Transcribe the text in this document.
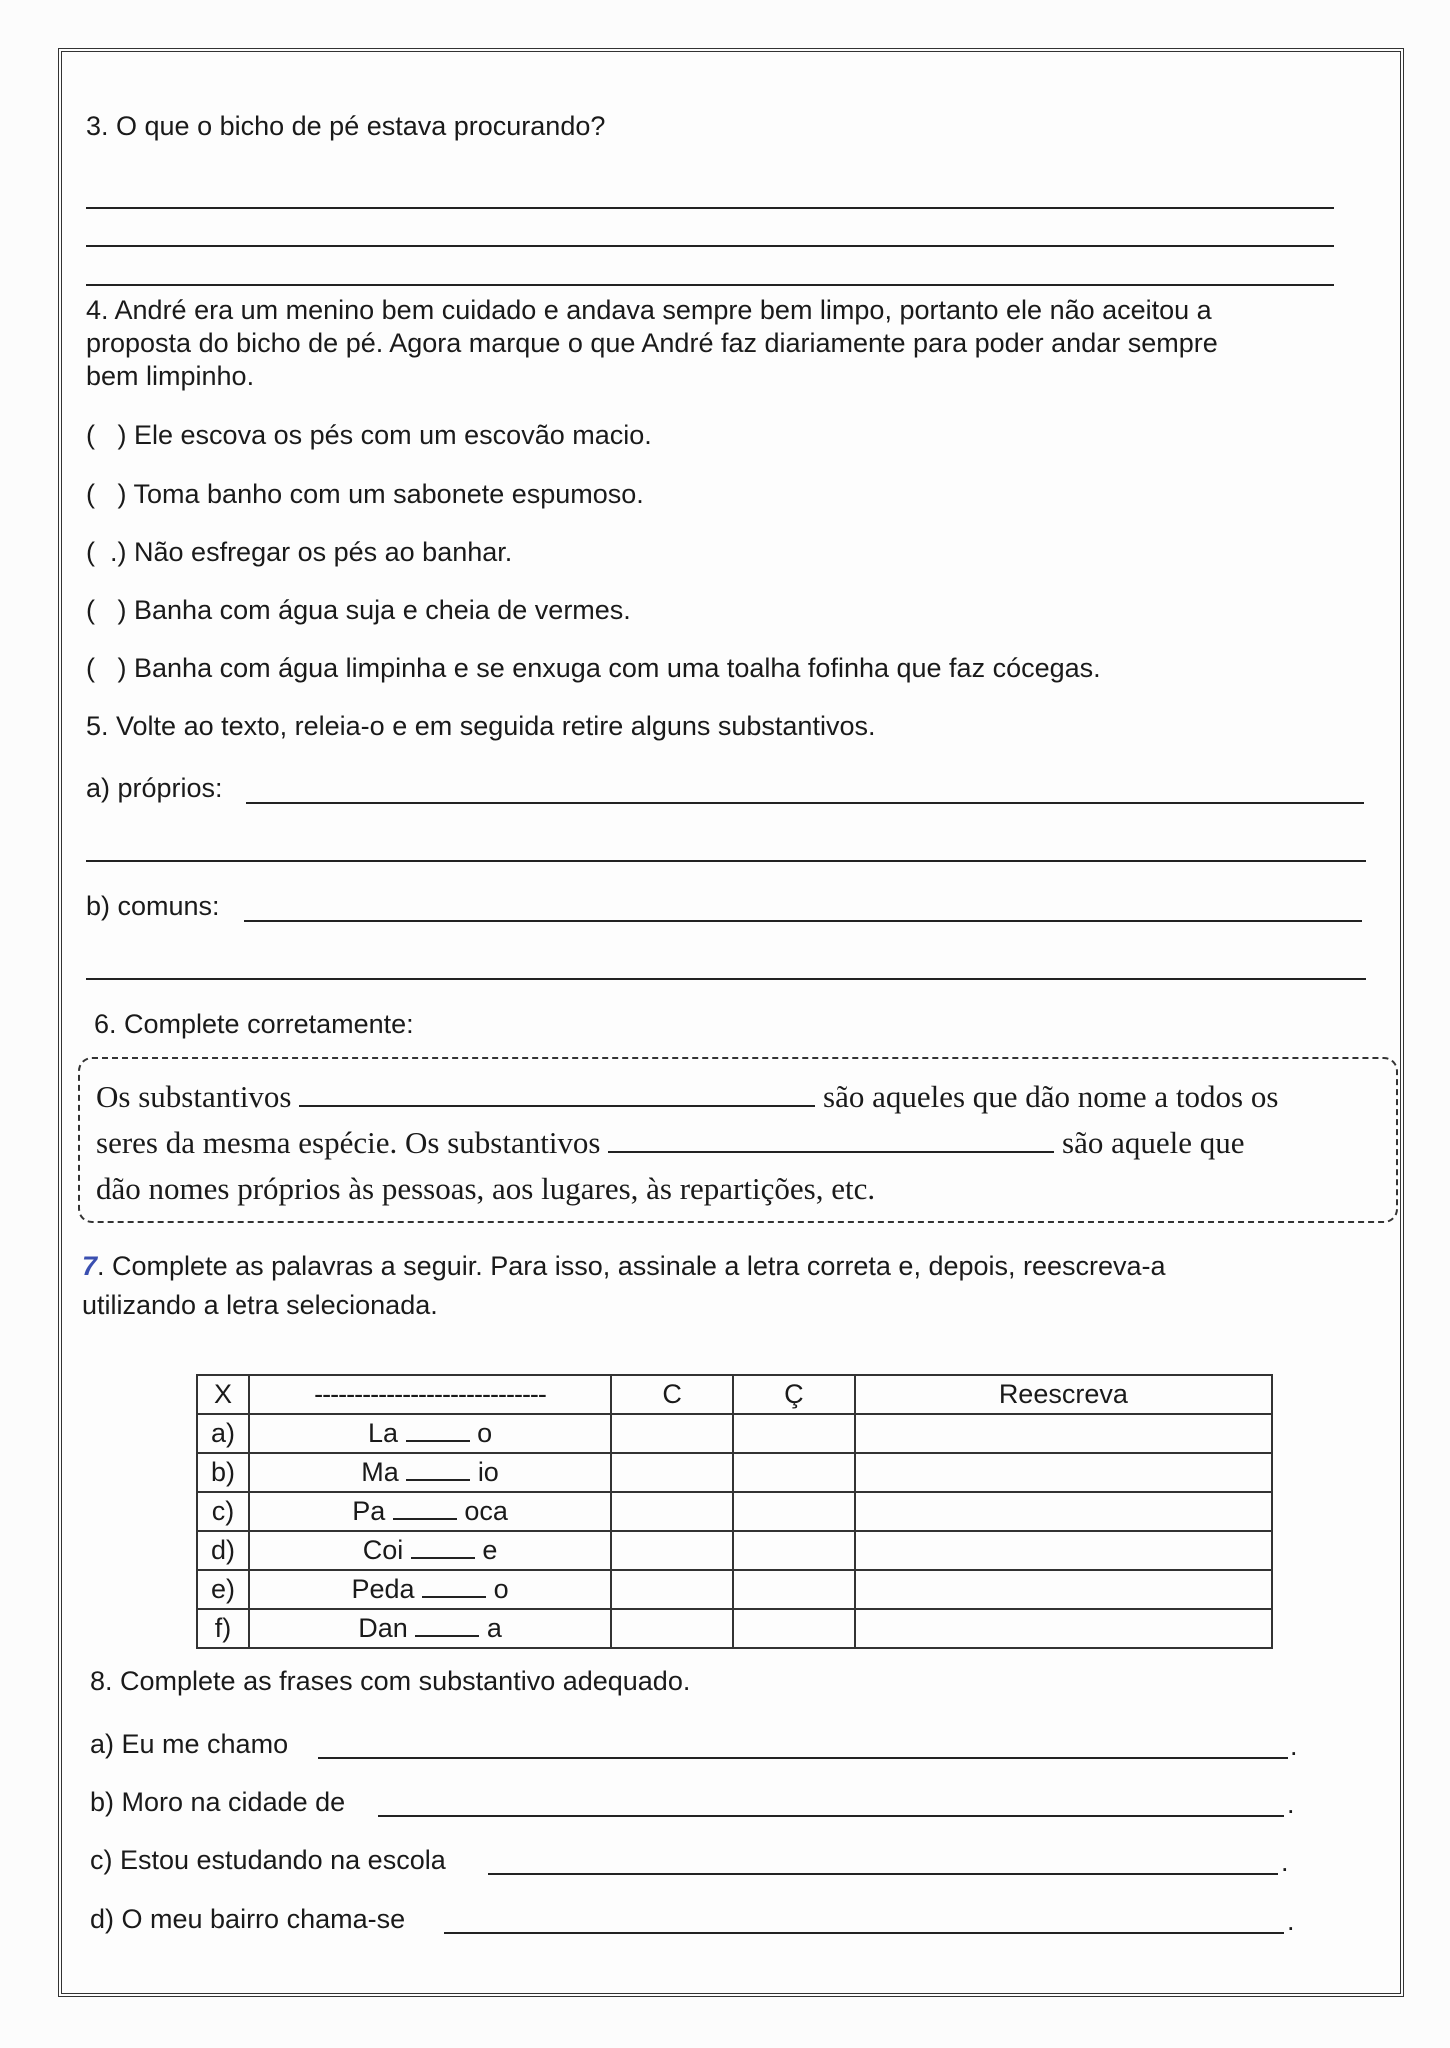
3. O que o bicho de pé estava procurando?
4. André era um menino bem cuidado e andava sempre bem limpo, portanto ele não aceitou a
proposta do bicho de pé. Agora marque o que André faz diariamente para poder andar sempre
bem limpinho.
(   ) Ele escova os pés com um escovão macio.
(   ) Toma banho com um sabonete espumoso.
(  .) Não esfregar os pés ao banhar.
(   ) Banha com água suja e cheia de vermes.
(   ) Banha com água limpinha e se enxuga com uma toalha fofinha que faz cócegas.
5. Volte ao texto, releia-o e em seguida retire alguns substantivos.
a) próprios:
b) comuns:
6. Complete corretamente:
Os substantivos	são aqueles que dão nome a todos os
seres da mesma espécie. Os substantivos	são aquele que
dão nomes próprios às pessoas, aos lugares, às repartições, etc.
7. Complete as palavras a seguir. Para isso, assinale a letra correta e, depois, reescreva-a
utilizando a letra selecionada.
X	-----------------------------	C	Ç	Reescreva
a)	La o			
b)	Ma io			
c)	Pa oca			
d)	Coi e			
e)	Peda o			
f)	Dan a			
8. Complete as frases com substantivo adequado.
a) Eu me chamo	.
b) Moro na cidade de	.
c) Estou estudando na escola	.
d) O meu bairro chama-se	.
